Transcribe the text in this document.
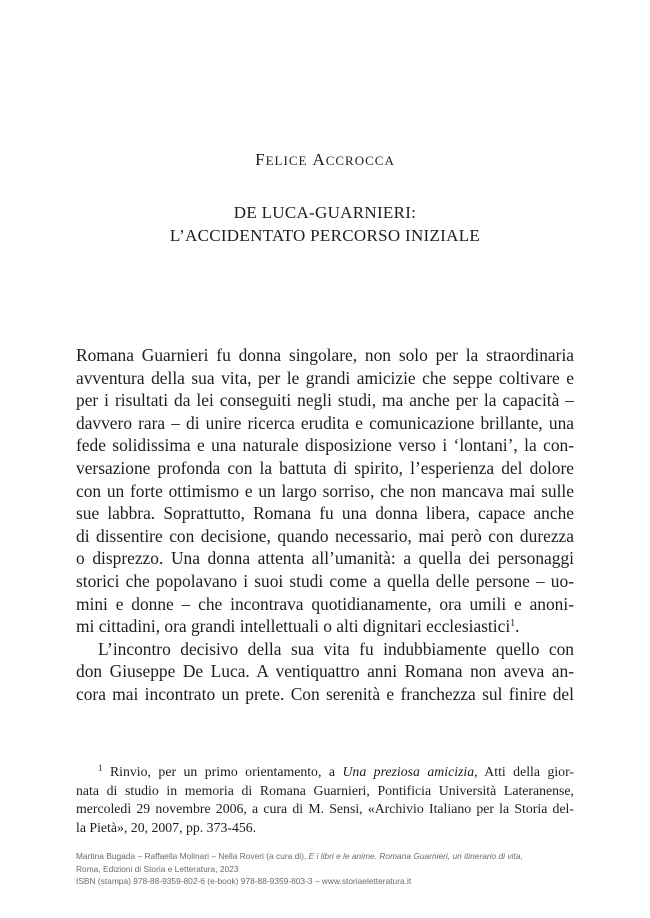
FELICE ACCROCCA
DE LUCA-GUARNIERI:
L’ACCIDENTATO PERCORSO INIZIALE
Romana Guarnieri fu donna singolare, non solo per la straordinaria
avventura della sua vita, per le grandi amicizie che seppe coltivare e
per i risultati da lei conseguiti negli studi, ma anche per la capacità –
davvero rara – di unire ricerca erudita e comunicazione brillante, una
fede solidissima e una naturale disposizione verso i ‘lontani’, la con-
versazione profonda con la battuta di spirito, l’esperienza del dolore
con un forte ottimismo e un largo sorriso, che non mancava mai sulle
sue labbra. Soprattutto, Romana fu una donna libera, capace anche
di dissentire con decisione, quando necessario, mai però con durezza
o disprezzo. Una donna attenta all’umanità: a quella dei personaggi
storici che popolavano i suoi studi come a quella delle persone – uo-
mini e donne – che incontrava quotidianamente, ora umili e anoni-
mi cittadini, ora grandi intellettuali o alti dignitari ecclesiastici$^1$.
L’incontro decisivo della sua vita fu indubbiamente quello con
don Giuseppe De Luca. A ventiquattro anni Romana non aveva an-
cora mai incontrato un prete. Con serenità e franchezza sul finire del
$^1$ Rinvio, per un primo orientamento, a Una preziosa amicizia, Atti della gior-
nata di studio in memoria di Romana Guarnieri, Pontificia Università Lateranense,
mercoledì 29 novembre 2006, a cura di M. Sensi, «Archivio Italiano per la Storia del-
la Pietà», 20, 2007, pp. 373-456.
Martina Bugada – Raffaella Molinari – Nella Roveri (a cura di), E i libri e le anime. Romana Guarnieri, un itinerario di vita,
Roma, Edizioni di Storia e Letteratura, 2023
ISBN (stampa) 978-88-9359-802-6 (e-book) 978-88-9359-803-3 – www.storiaeletteratura.it
